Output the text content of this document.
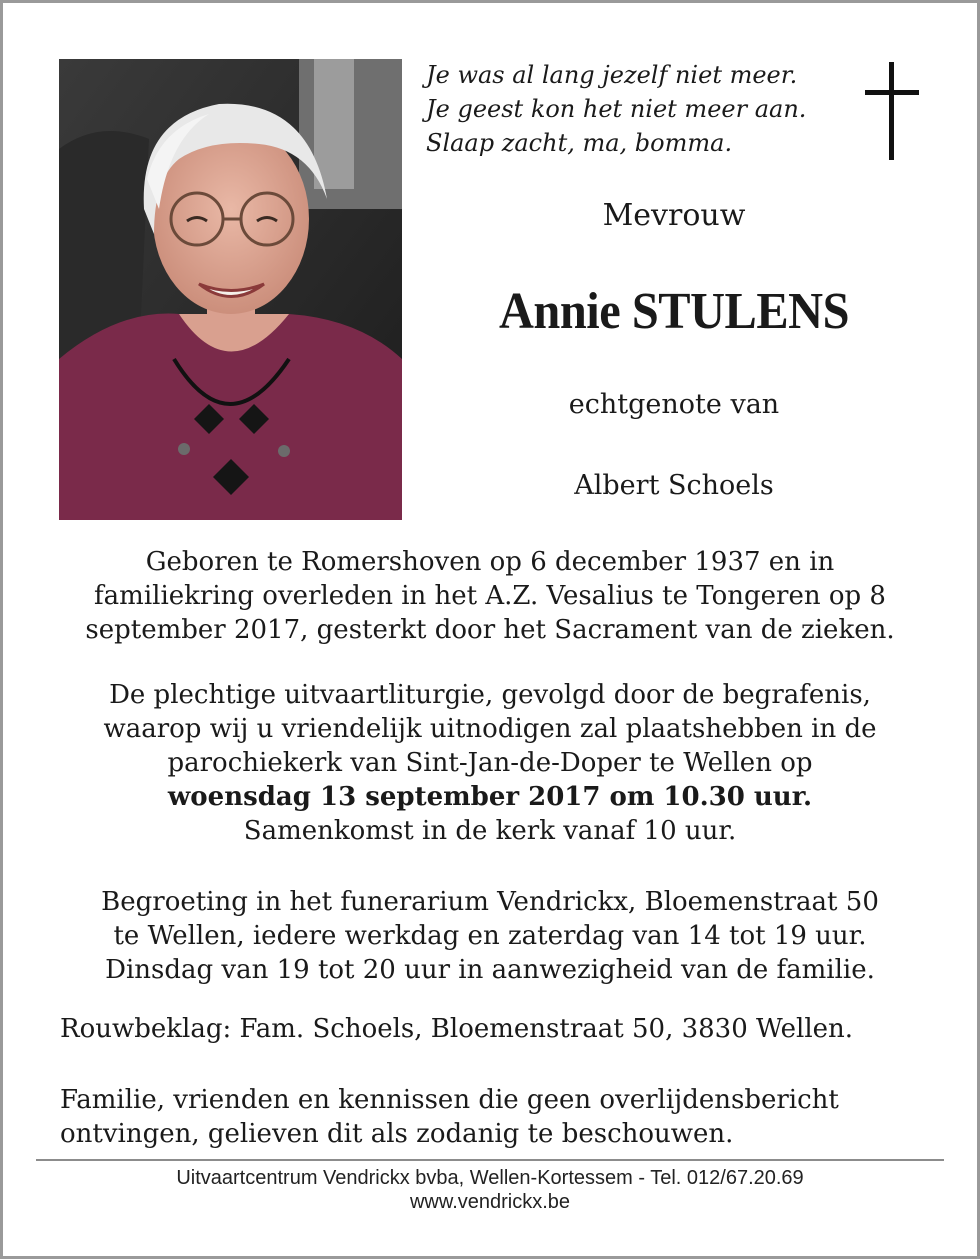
Je was al lang jezelf niet meer.
Je geest kon het niet meer aan.
Slaap zacht, ma, bomma.
Mevrouw
Annie STULENS
echtgenote van
Albert Schoels
Geboren te Romershoven op 6 december 1937 en in
familiekring overleden in het A.Z. Vesalius te Tongeren op 8
september 2017, gesterkt door het Sacrament van de zieken.
De plechtige uitvaartliturgie, gevolgd door de begrafenis,
waarop wij u vriendelijk uitnodigen zal plaatshebben in de
parochiekerk van Sint-Jan-de-Doper te Wellen op
woensdag 13 september 2017 om 10.30 uur.
Samenkomst in de kerk vanaf 10 uur.
Begroeting in het funerarium Vendrickx, Bloemenstraat 50
te Wellen, iedere werkdag en zaterdag van 14 tot 19 uur.
Dinsdag van 19 tot 20 uur in aanwezigheid van de familie.
Rouwbeklag: Fam. Schoels, Bloemenstraat 50, 3830 Wellen.
Familie, vrienden en kennissen die geen overlijdensbericht
ontvingen, gelieven dit als zodanig te beschouwen.
Uitvaartcentrum Vendrickx bvba, Wellen-Kortessem - Tel. 012/67.20.69
www.vendrickx.be
